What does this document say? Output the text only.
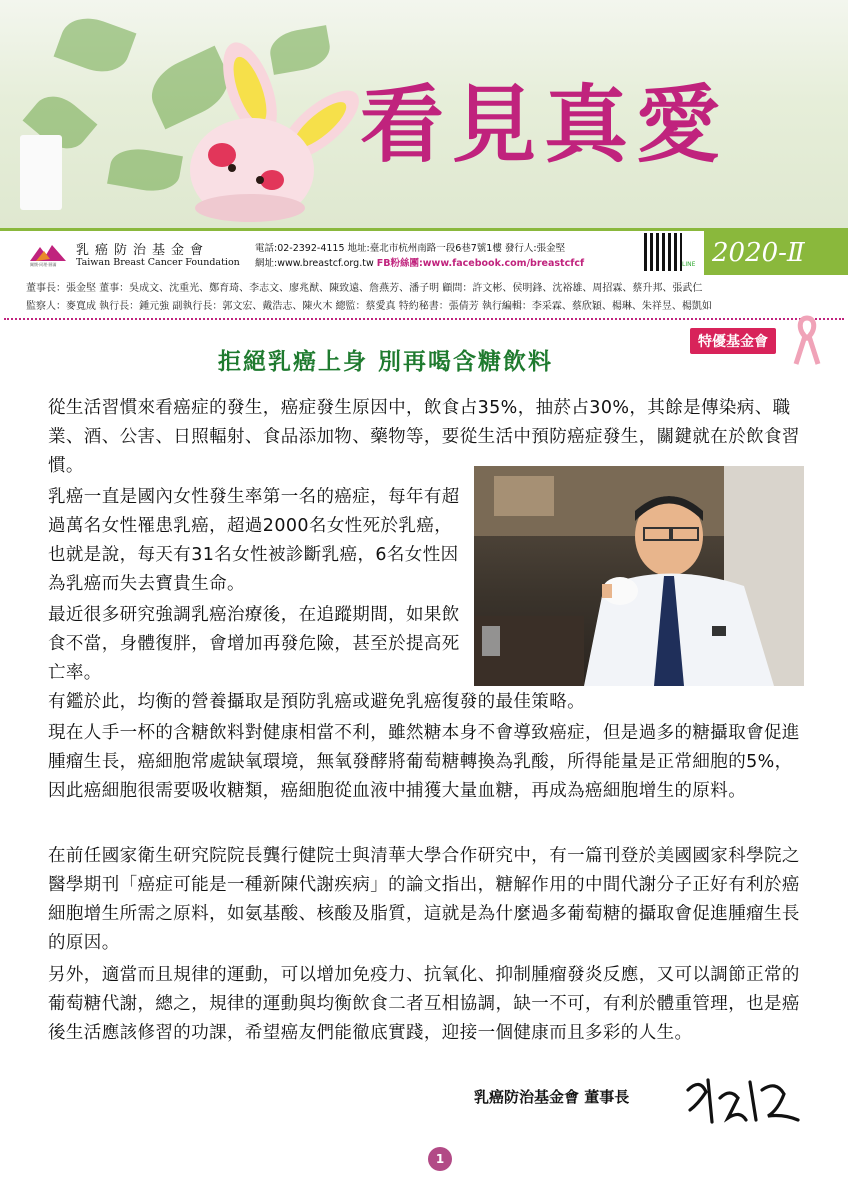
看見真愛
關懷·同理·圓滿
乳癌防治基金會
Taiwan Breast Cancer Foundation
電話:02-2392-4115 地址:臺北市杭州南路一段6巷7號1樓 發行人:張金堅
網址:www.breastcf.org.tw FB粉絲團:www.facebook.com/breastcfcf	LINE 2020-Ⅱ
董事長：張金堅 董事：吳成文、沈重光、鄭育琦、李志文、廖兆猷、陳致遠、詹燕芳、潘子明 顧問：許文彬、侯明鋒、沈裕雄、周招霖、蔡升邦、張武仁
監察人：麥寬成 執行長：鍾元強 副執行長：郭文宏、戴浩志、陳火木 總監：蔡愛真 特約秘書：張倩芳 執行編輯：李采霖、蔡欣穎、楊琳、朱祥昱、楊凱如
特優基金會
拒絕乳癌上身 別再喝含糖飲料
從生活習慣來看癌症的發生，癌症發生原因中，飲食占35%，抽菸占30%，其餘是傳染病、職業、酒、公害、日照輻射、食品添加物、藥物等，要從生活中預防癌症發生，關鍵就在於飲食習慣。
乳癌一直是國內女性發生率第一名的癌症，每年有超過萬名女性罹患乳癌，超過2000名女性死於乳癌，也就是說，每天有31名女性被診斷乳癌，6名女性因為乳癌而失去寶貴生命。
最近很多研究強調乳癌治療後，在追蹤期間，如果飲食不當，身體復胖，會增加再發危險，甚至於提高死亡率。
有鑑於此，均衡的營養攝取是預防乳癌或避免乳癌復發的最佳策略。
現在人手一杯的含糖飲料對健康相當不利，雖然糖本身不會導致癌症，但是過多的糖攝取會促進腫瘤生長，癌細胞常處缺氧環境，無氧發酵將葡萄糖轉換為乳酸，所得能量是正常細胞的5%，因此癌細胞很需要吸收糖類，癌細胞從血液中捕獲大量血糖，再成為癌細胞增生的原料。
在前任國家衛生研究院院長龔行健院士與清華大學合作研究中，有一篇刊登於美國國家科學院之醫學期刊「癌症可能是一種新陳代謝疾病」的論文指出，糖解作用的中間代謝分子正好有利於癌細胞增生所需之原料，如氨基酸、核酸及脂質，這就是為什麼過多葡萄糖的攝取會促進腫瘤生長的原因。
另外，適當而且規律的運動，可以增加免疫力、抗氧化、抑制腫瘤發炎反應，又可以調節正常的葡萄糖代謝，總之，規律的運動與均衡飲食二者互相協調，缺一不可，有利於體重管理，也是癌後生活應該修習的功課，希望癌友們能徹底實踐，迎接一個健康而且多彩的人生。
乳癌防治基金會 董事長
1
